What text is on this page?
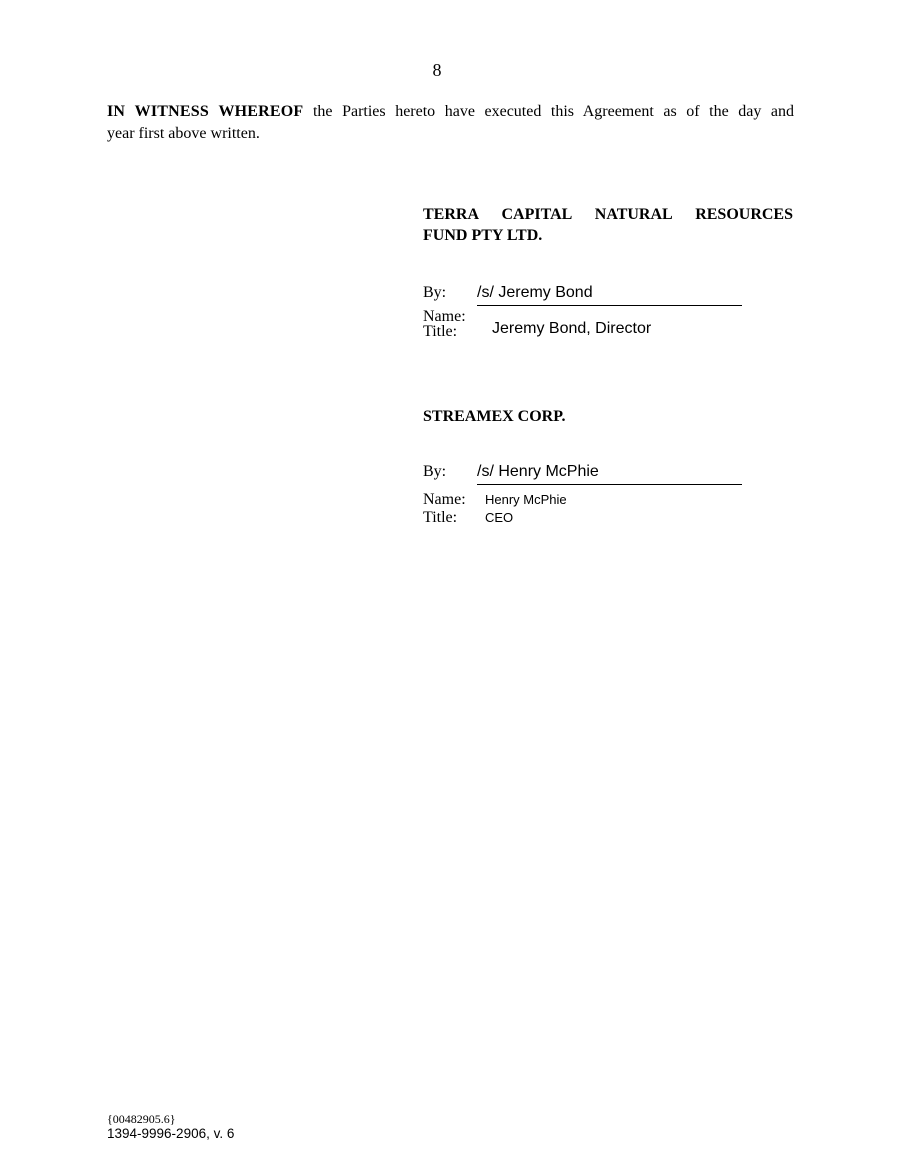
8
IN WITNESS WHEREOF the Parties hereto have executed this Agreement as of the day and
year first above written.
TERRA CAPITAL NATURAL RESOURCES
FUND PTY LTD.
By: /s/ Jeremy Bond
Name:
Title: Jeremy Bond, Director
STREAMEX CORP.
By: /s/ Henry McPhie
Name: Henry McPhie
Title: CEO
{00482905.6}
1394-9996-2906, v. 6
